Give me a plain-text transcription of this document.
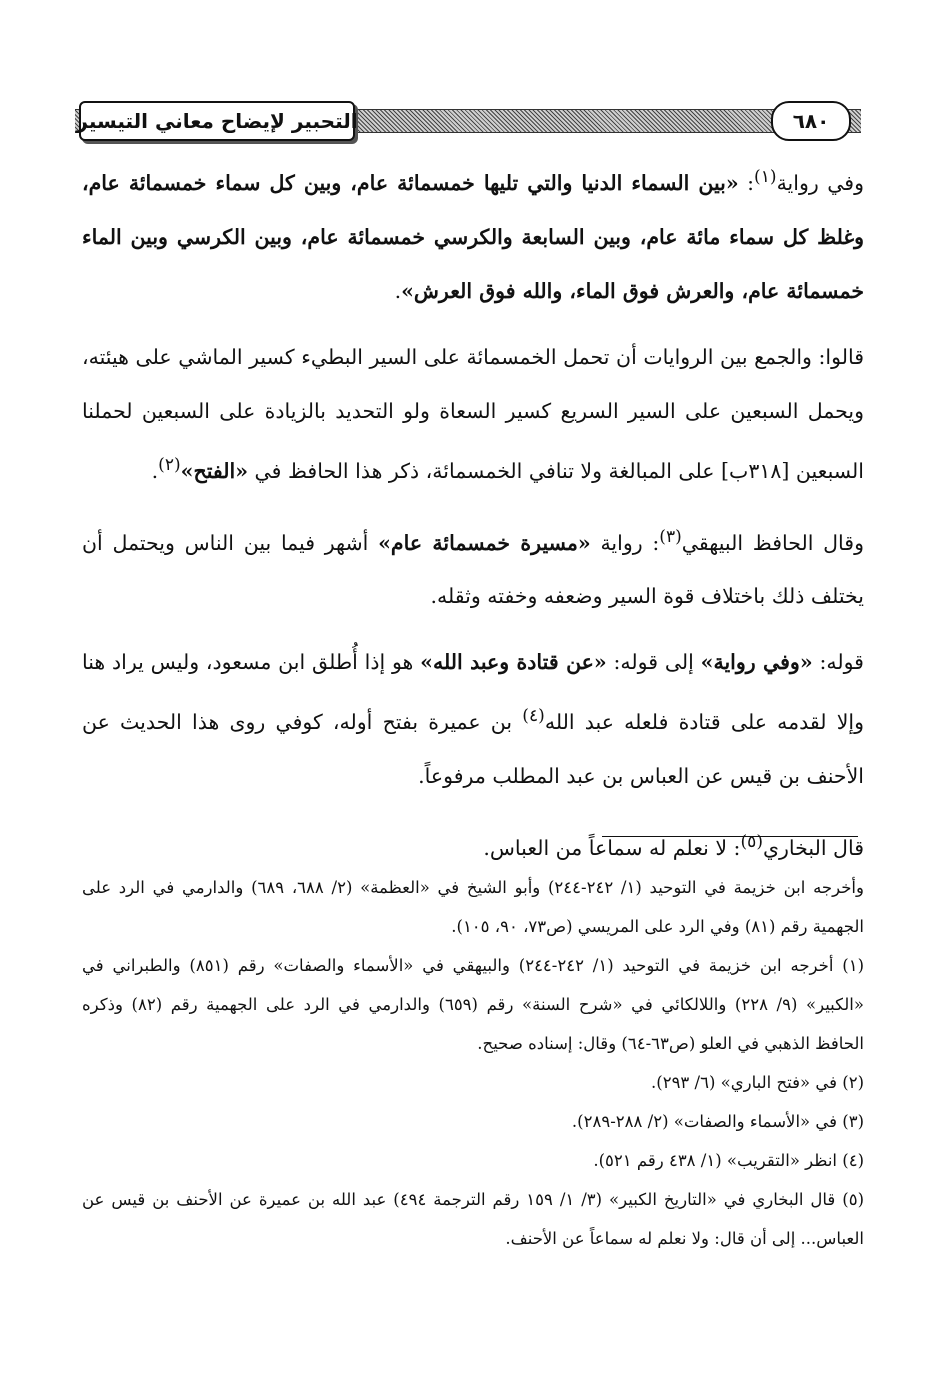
٦٨٠
التحبير لإيضاح معاني التيسير

وفي رواية$^{(١)}$: «بين السماء الدنيا والتي تليها خمسمائة عام، وبين كل سماء خمسمائة عام، وغلظ كل سماء مائة عام، وبين السابعة والكرسي خمسمائة عام، وبين الكرسي وبين الماء خمسمائة عام، والعرش فوق الماء، والله فوق العرش».

قالوا: والجمع بين الروايات أن تحمل الخمسمائة على السير البطيء كسير الماشي على هيئته، ويحمل السبعين على السير السريع كسير السعاة ولو التحديد بالزيادة على السبعين لحملنا السبعين [٣١٨ب] على المبالغة ولا تنافي الخمسمائة، ذكر هذا الحافظ في «الفتح»$^{(٢)}$.

وقال الحافظ البيهقي$^{(٣)}$: رواية «مسيرة خمسمائة عام» أشهر فيما بين الناس ويحتمل أن يختلف ذلك باختلاف قوة السير وضعفه وخفته وثقله.

قوله: «وفي رواية» إلى قوله: «عن قتادة وعبد الله» هو إذا أُطلق ابن مسعود، وليس يراد هنا وإلا لقدمه على قتادة فلعله عبد الله$^{(٤)}$ بن عميرة بفتح أوله، كوفي روى هذا الحديث عن الأحنف بن قيس عن العباس بن عبد المطلب مرفوعاً.

قال البخاري$^{(٥)}$: لا نعلم له سماعاً من العباس.

وأخرجه ابن خزيمة في التوحيد (١/ ٢٤٢-٢٤٤) وأبو الشيخ في «العظمة» (٢/ ٦٨٨، ٦٨٩) والدارمي في الرد على الجهمية رقم (٨١) وفي الرد على المريسي (ص٧٣، ٩٠، ١٠٥).

(١) أخرجه ابن خزيمة في التوحيد (١/ ٢٤٢-٢٤٤) والبيهقي في «الأسماء والصفات» رقم (٨٥١) والطبراني في «الكبير» (٩/ ٢٢٨) واللالكائي في «شرح السنة» رقم (٦٥٩) والدارمي في الرد على الجهمية رقم (٨٢) وذكره الحافظ الذهبي في العلو (ص٦٣-٦٤) وقال: إسناده صحيح.

(٢) في «فتح الباري» (٦/ ٢٩٣).

(٣) في «الأسماء والصفات» (٢/ ٢٨٨-٢٨٩).

(٤) انظر «التقريب» (١/ ٤٣٨ رقم ٥٢١).

(٥) قال البخاري في «التاريخ الكبير» (٣/ ١/ ١٥٩ رقم الترجمة ٤٩٤) عبد الله بن عميرة عن الأحنف بن قيس عن العباس... إلى أن قال: ولا نعلم له سماعاً عن الأحنف.
